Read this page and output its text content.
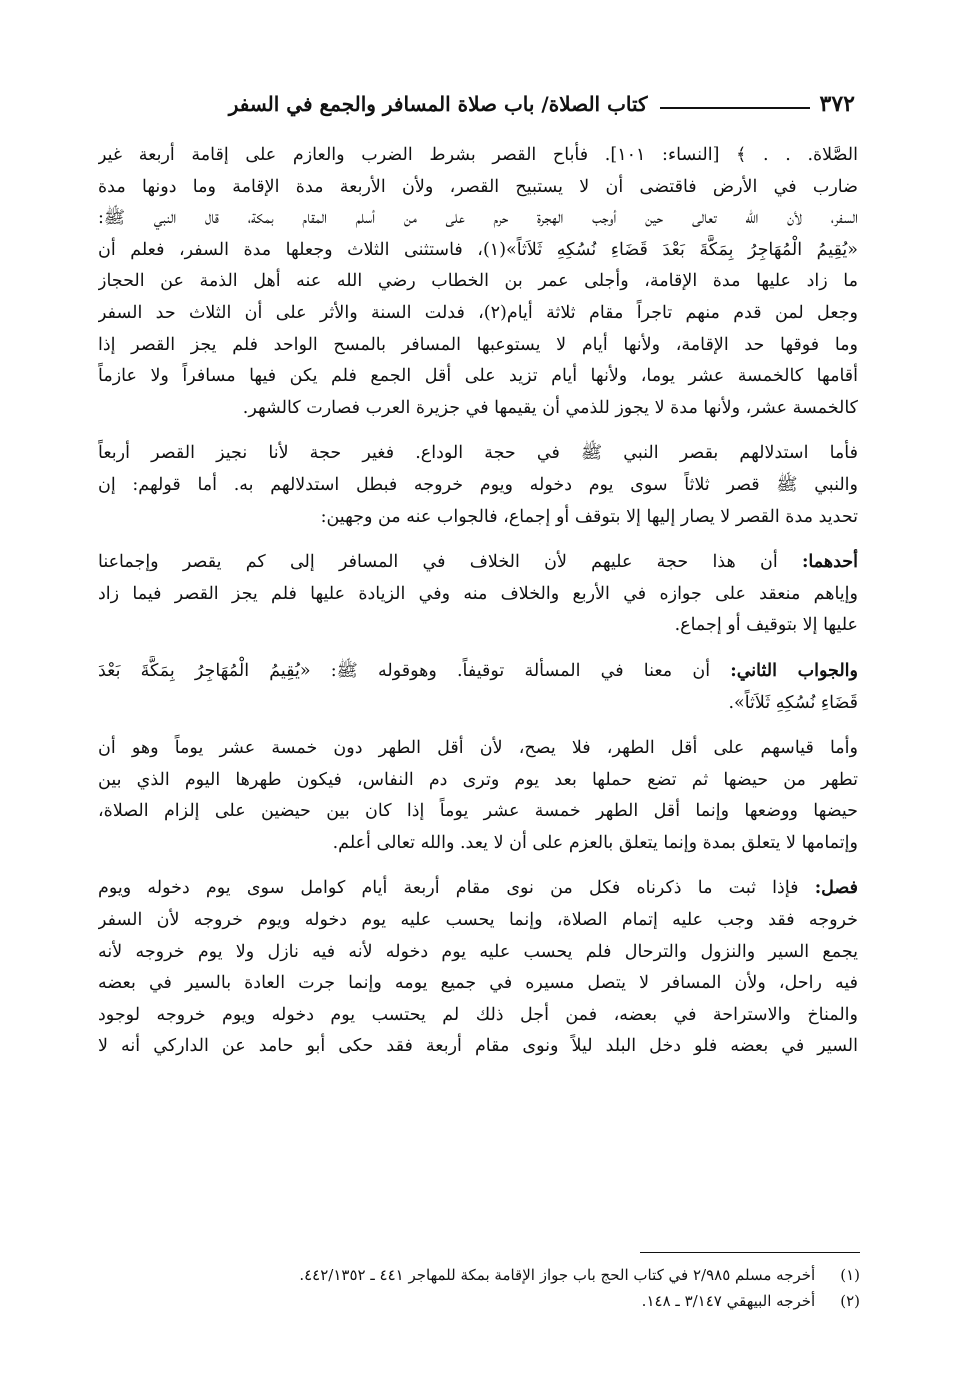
٣٧٢
كتاب الصلاة/ باب صلاة المسافر والجمع في السفر

الصَّلاة. . . ﴾ [النساء: ١٠١]. فأباح القصر بشرط الضرب والعازم على إقامة أربعة غير
ضارب في الأرض فاقتضى أن لا يستبيح القصر، ولأن الأربعة مدة الإقامة وما دونها مدة
السفر، لأن الله تعالى حين أوجب الهجرة حرم على من أسلم المقام بمكة، قال النبي ﷺ:
«يُقِيمُ الْمُهَاجِرُ بِمَكَّةَ بَعْدَ قَضَاءِ نُسُكِهِ ثَلاَثاً»(١)، فاستثنى الثلاث وجعلها مدة السفر، فعلم أن
ما زاد عليها مدة الإقامة، وأجلى عمر بن الخطاب رضي الله عنه أهل الذمة عن الحجاز
وجعل لمن قدم منهم تاجراً مقام ثلاثة أيام(٢)، فدلت السنة والأثر على أن الثلاث حد السفر
وما فوقها حد الإقامة، ولأنها أيام لا يستوعبها المسافر بالمسح الواحد فلم يجز القصر إذا
أقامها كالخمسة عشر يوما، ولأنها أيام تزيد على أقل الجمع فلم يكن فيها مسافراً ولا عازماً
كالخمسة عشر، ولأنها مدة لا يجوز للذمي أن يقيمها في جزيرة العرب فصارت كالشهر.

فأما استدلالهم بقصر النبي ﷺ في حجة الوداع. فغير حجة لأنا نجيز القصر أربعاً
والنبي ﷺ قصر ثلاثاً سوى يوم دخوله ويوم خروجه فبطل استدلالهم به. أما قولهم: إن
تحديد مدة القصر لا يصار إليها إلا بتوقف أو إجماع، فالجواب عنه من وجهين:

أحدهما: أن هذا حجة عليهم لأن الخلاف في المسافر إلى كم يقصر وإجماعنا
وإياهم منعقد على جوازه في الأربع والخلاف منه وفي الزيادة عليها فلم يجز القصر فيما زاد
عليها إلا بتوقيف أو إجماع.

والجواب الثاني: أن معنا في المسألة توقيفاً. وهوقوله ﷺ: «يُقِيمُ الْمُهَاجِرُ بِمَكَّةَ بَعْدَ
قَضَاءِ نُسُكِهِ ثَلاَثاً».

وأما قياسهم على أقل الطهر، فلا يصح، لأن أقل الطهر دون خمسة عشر يوماً وهو أن
تطهر من حيضها ثم تضع حملها بعد يوم وترى دم النفاس، فيكون طهرها اليوم الذي بين
حيضها ووضعها وإنما أقل الطهر خمسة عشر يوماً إذا كان بين حيضين على إلزام الصلاة،
وإتمامها لا يتعلق بمدة وإنما يتعلق بالعزم على أن لا يعد. والله تعالى أعلم.

فصل: فإذا ثبت ما ذكرناه فكل من نوى مقام أربعة أيام كوامل سوى يوم دخوله ويوم
خروجه فقد وجب عليه إتمام الصلاة، وإنما يحسب عليه يوم دخوله ويوم خروجه لأن السفر
يجمع السير والنزول والترحال فلم يحسب عليه يوم دخوله لأنه فيه نازل ولا يوم خروجه لأنه
فيه راحل، ولأن المسافر لا يتصل مسيره في جميع يومه وإنما جرت العادة بالسير في بعضه
والمناخ والاستراحة في بعضه، فمن أجل ذلك لم يحتسب يوم دخوله ويوم خروجه لوجود
السير في بعضه فلو دخل البلد ليلاً ونوى مقام أربعة فقد حكى أبو حامد عن الداركي أنه لا

(١) أخرجه مسلم ٢/٩٨٥ في كتاب الحج باب جواز الإقامة بمكة للمهاجر ٤٤١ ـ ٤٤٢/١٣٥٢.
(٢) أخرجه البيهقي ٣/١٤٧ ـ ١٤٨.
